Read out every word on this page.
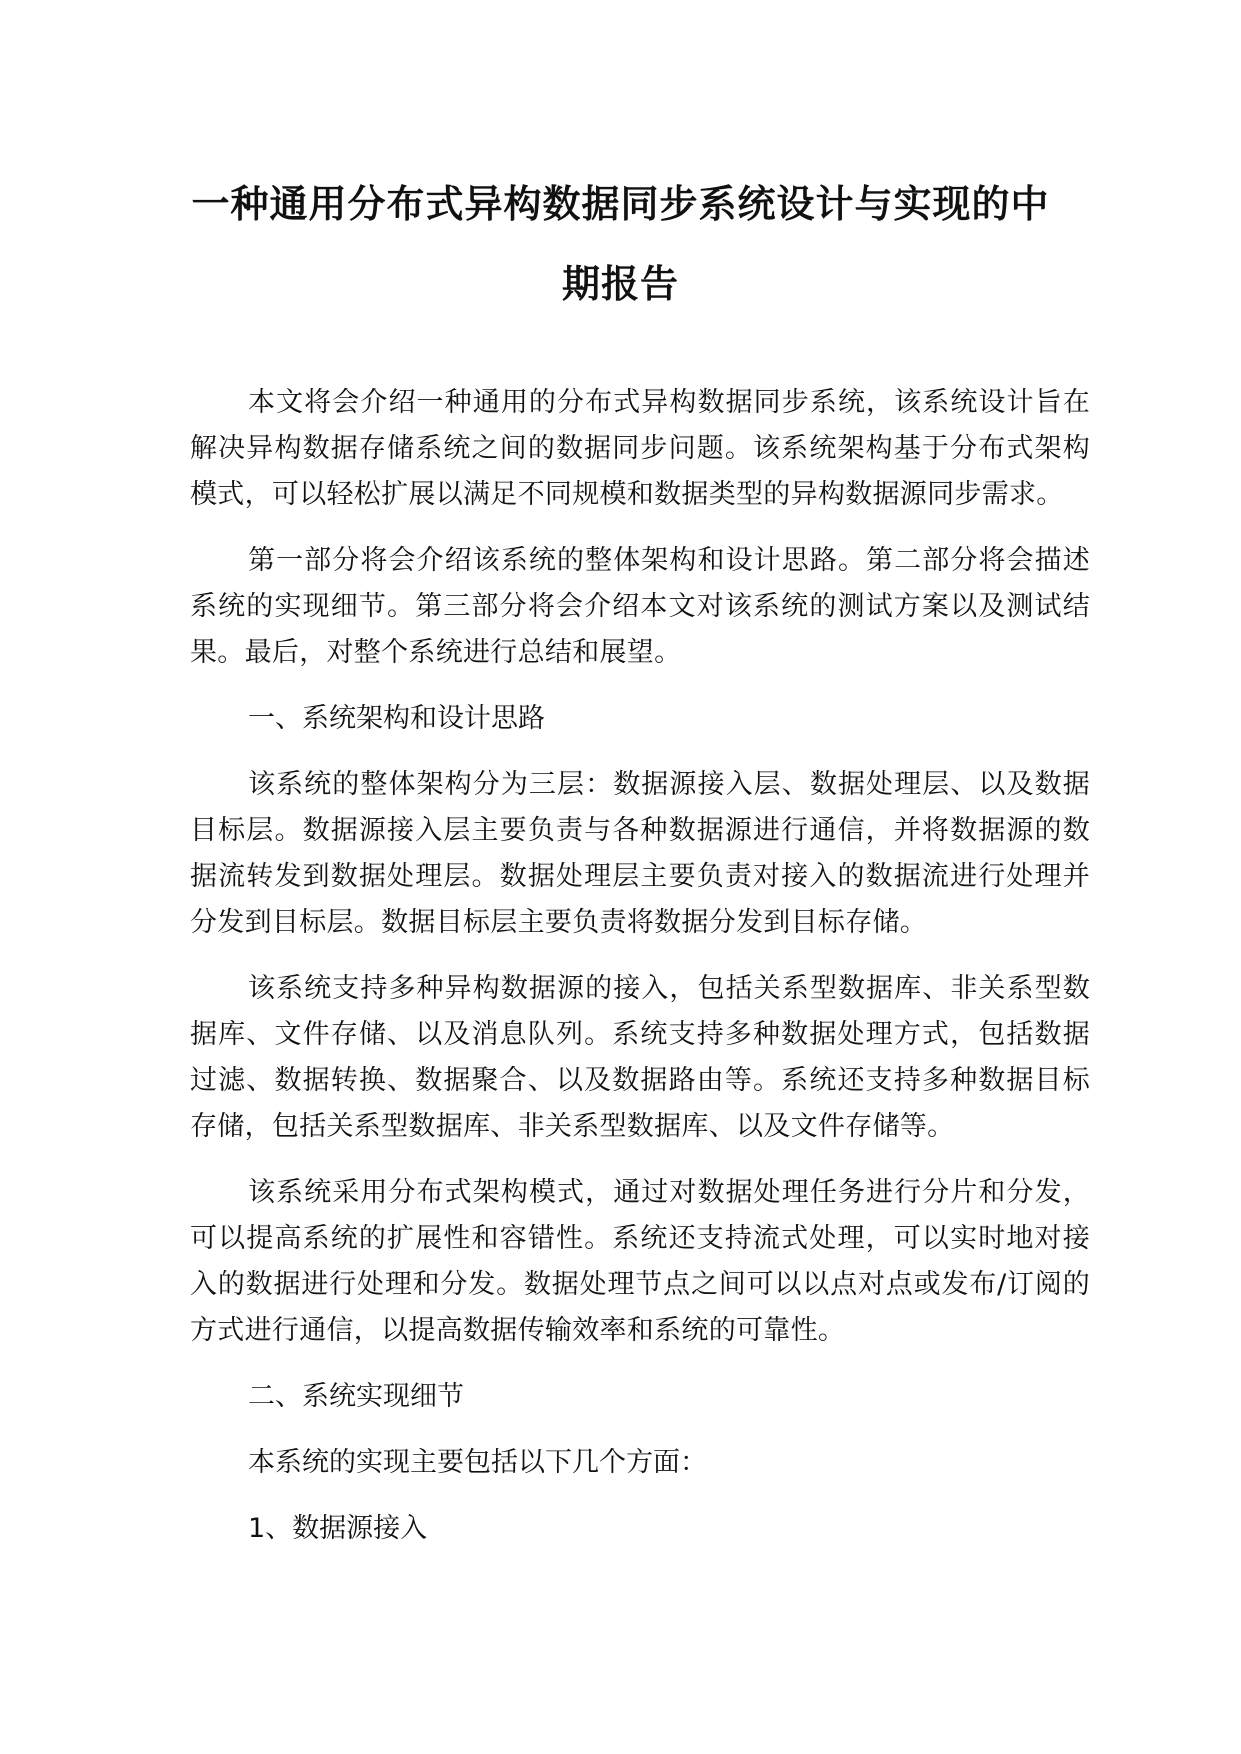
一种通用分布式异构数据同步系统设计与实现的中
期报告

本文将会介绍一种通用的分布式异构数据同步系统，该系统设计旨在解决异构数据存储系统之间的数据同步问题。该系统架构基于分布式架构模式，可以轻松扩展以满足不同规模和数据类型的异构数据源同步需求。

第一部分将会介绍该系统的整体架构和设计思路。第二部分将会描述系统的实现细节。第三部分将会介绍本文对该系统的测试方案以及测试结果。最后，对整个系统进行总结和展望。

一、系统架构和设计思路

该系统的整体架构分为三层：数据源接入层、数据处理层、以及数据目标层。数据源接入层主要负责与各种数据源进行通信，并将数据源的数据流转发到数据处理层。数据处理层主要负责对接入的数据流进行处理并分发到目标层。数据目标层主要负责将数据分发到目标存储。

该系统支持多种异构数据源的接入，包括关系型数据库、非关系型数据库、文件存储、以及消息队列。系统支持多种数据处理方式，包括数据过滤、数据转换、数据聚合、以及数据路由等。系统还支持多种数据目标存储，包括关系型数据库、非关系型数据库、以及文件存储等。

该系统采用分布式架构模式，通过对数据处理任务进行分片和分发，可以提高系统的扩展性和容错性。系统还支持流式处理，可以实时地对接入的数据进行处理和分发。数据处理节点之间可以以点对点或发布/订阅的方式进行通信，以提高数据传输效率和系统的可靠性。

二、系统实现细节

本系统的实现主要包括以下几个方面：

1、数据源接入
